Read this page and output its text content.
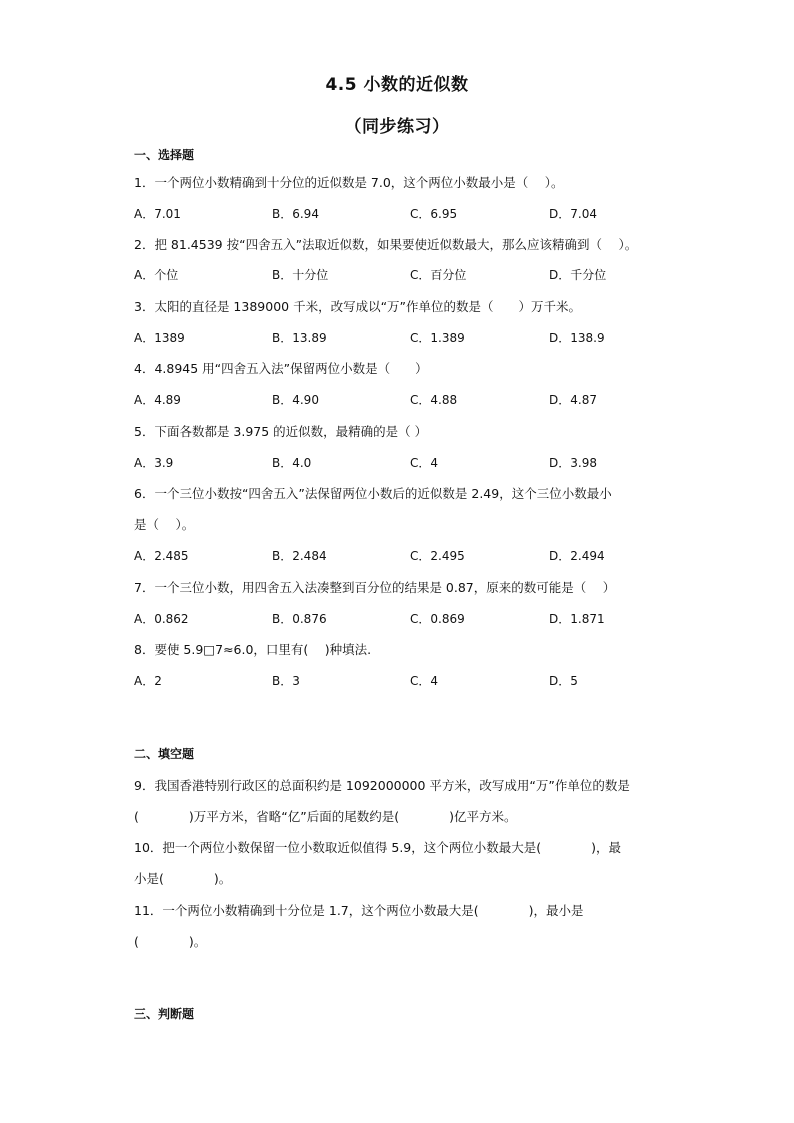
4.5 小数的近似数
（同步练习）
一、选择题
1．一个两位小数精确到十分位的近似数是 7.0，这个两位小数最小是（　 ）。
A．7.01	B．6.94	C．6.95	D．7.04
2．把 81.4539 按“四舍五入”法取近似数，如果要使近似数最大，那么应该精确到（　 ）。
A．个位	B．十分位	C．百分位	D．千分位
3．太阳的直径是 1389000 千米，改写成以“万”作单位的数是（　　）万千米。
A．1389	B．13.89	C．1.389	D．138.9
4．4.8945 用“四舍五入法”保留两位小数是（　　）
A．4.89	B．4.90	C．4.88	D．4.87
5．下面各数都是 3.975 的近似数，最精确的是（ ）
A．3.9	B．4.0	C．4	D．3.98
6．一个三位小数按“四舍五入”法保留两位小数后的近似数是 2.49，这个三位小数最小
是（　 ）。
A．2.485	B．2.484	C．2.495	D．2.494
7．一个三位小数，用四舍五入法凑整到百分位的结果是 0.87，原来的数可能是（　 ）
A．0.862	B．0.876	C．0.869	D．1.871
8．要使 5.9□7≈6.0，口里有(　 )种填法.
A．2	B．3	C．4	D．5
二、填空题
9．我国香港特别行政区的总面积约是 1092000000 平方米，改写成用“万”作单位的数是
(　　　　)万平方米，省略“亿”后面的尾数约是(　　　　)亿平方米。
10．把一个两位小数保留一位小数取近似值得 5.9，这个两位小数最大是(　　　　)，最
小是(　　　　)。
11．一个两位小数精确到十分位是 1.7，这个两位小数最大是(　　　　)，最小是
(　　　　)。
三、判断题
